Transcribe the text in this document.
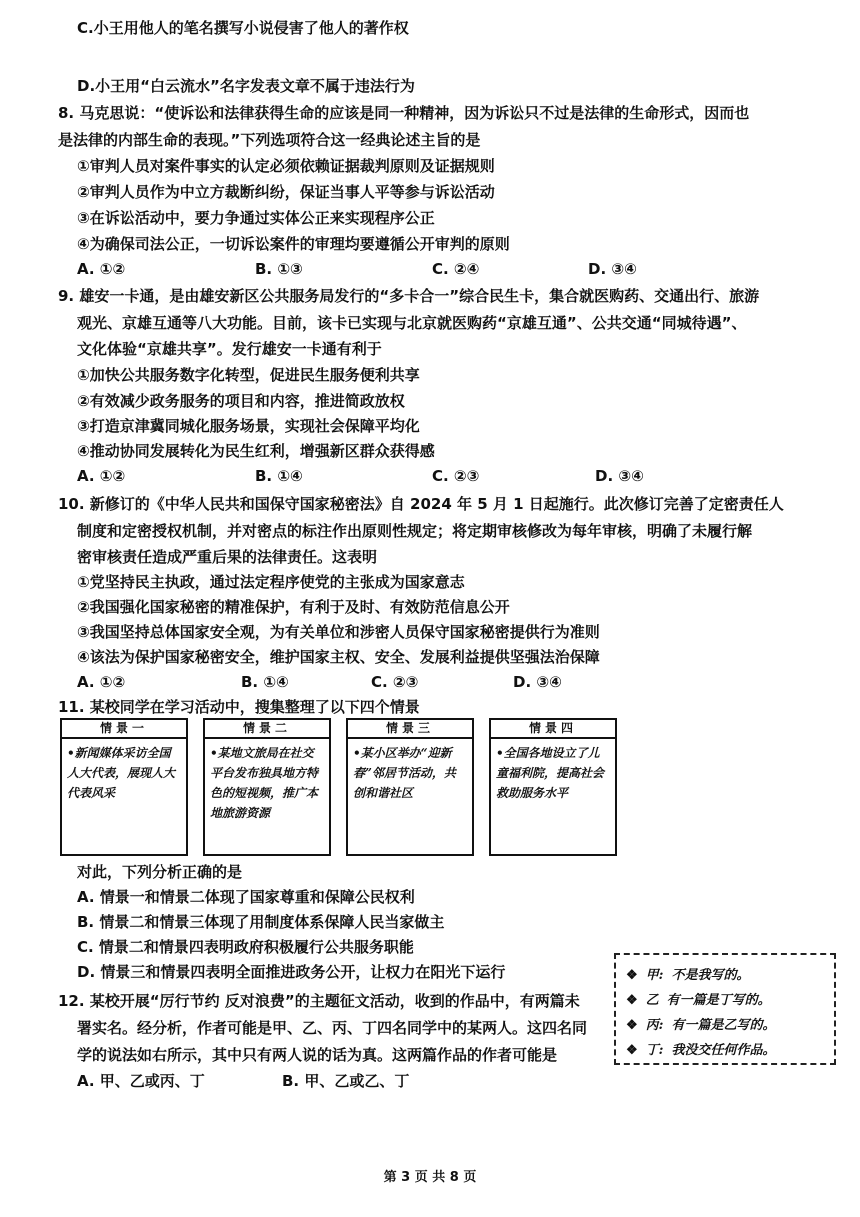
C.小王用他人的笔名撰写小说侵害了他人的著作权
D.小王用“白云流水”名字发表文章不属于违法行为
8. 马克思说：“使诉讼和法律获得生命的应该是同一种精神，因为诉讼只不过是法律的生命形式，因而也
是法律的内部生命的表现。”下列选项符合这一经典论述主旨的是
①审判人员对案件事实的认定必须依赖证据裁判原则及证据规则
②审判人员作为中立方裁断纠纷，保证当事人平等参与诉讼活动
③在诉讼活动中，要力争通过实体公正来实现程序公正
④为确保司法公正，一切诉讼案件的审理均要遵循公开审判的原则
A. ①②	B. ①③	C. ②④	D. ③④
9. 雄安一卡通，是由雄安新区公共服务局发行的“多卡合一”综合民生卡，集合就医购药、交通出行、旅游
观光、京雄互通等八大功能。目前，该卡已实现与北京就医购药“京雄互通”、公共交通“同城待遇”、
文化体验“京雄共享”。发行雄安一卡通有利于
①加快公共服务数字化转型，促进民生服务便利共享
②有效减少政务服务的项目和内容，推进简政放权
③打造京津冀同城化服务场景，实现社会保障平均化
④推动协同发展转化为民生红利，增强新区群众获得感
A. ①②	B. ①④	C. ②③	D. ③④
10. 新修订的《中华人民共和国保守国家秘密法》自 2024 年 5 月 1 日起施行。此次修订完善了定密责任人
制度和定密授权机制，并对密点的标注作出原则性规定；将定期审核修改为每年审核，明确了未履行解
密审核责任造成严重后果的法律责任。这表明
①党坚持民主执政，通过法定程序使党的主张成为国家意志
②我国强化国家秘密的精准保护，有利于及时、有效防范信息公开
③我国坚持总体国家安全观，为有关单位和涉密人员保守国家秘密提供行为准则
④该法为保护国家秘密安全，维护国家主权、安全、发展利益提供坚强法治保障
A. ①②	B. ①④	C. ②③	D. ③④
11. 某校同学在学习活动中，搜集整理了以下四个情景
情景一
•新闻媒体采访全国人大代表，展现人大代表风采
情景二
•某地文旅局在社交平台发布独具地方特色的短视频，推广本地旅游资源
情景三
•某小区举办“迎新春”邻居节活动，共创和谐社区
情景四
•全国各地设立了儿童福利院，提高社会救助服务水平
对此，下列分析正确的是
A. 情景一和情景二体现了国家尊重和保障公民权利
B. 情景二和情景三体现了用制度体系保障人民当家做主
C. 情景二和情景四表明政府积极履行公共服务职能
D. 情景三和情景四表明全面推进政务公开，让权力在阳光下运行
12. 某校开展“厉行节约 反对浪费”的主题征文活动，收到的作品中，有两篇未
署实名。经分析，作者可能是甲、乙、丙、丁四名同学中的某两人。这四名同
学的说法如右所示，其中只有两人说的话为真。这两篇作品的作者可能是
A. 甲、乙或丙、丁	B. 甲、乙或乙、丁
❖ 甲: 不是我写的。
❖ 乙 有一篇是丁写的。
❖ 丙: 有一篇是乙写的。
❖ 丁: 我没交任何作品。
第 3 页 共 8 页
